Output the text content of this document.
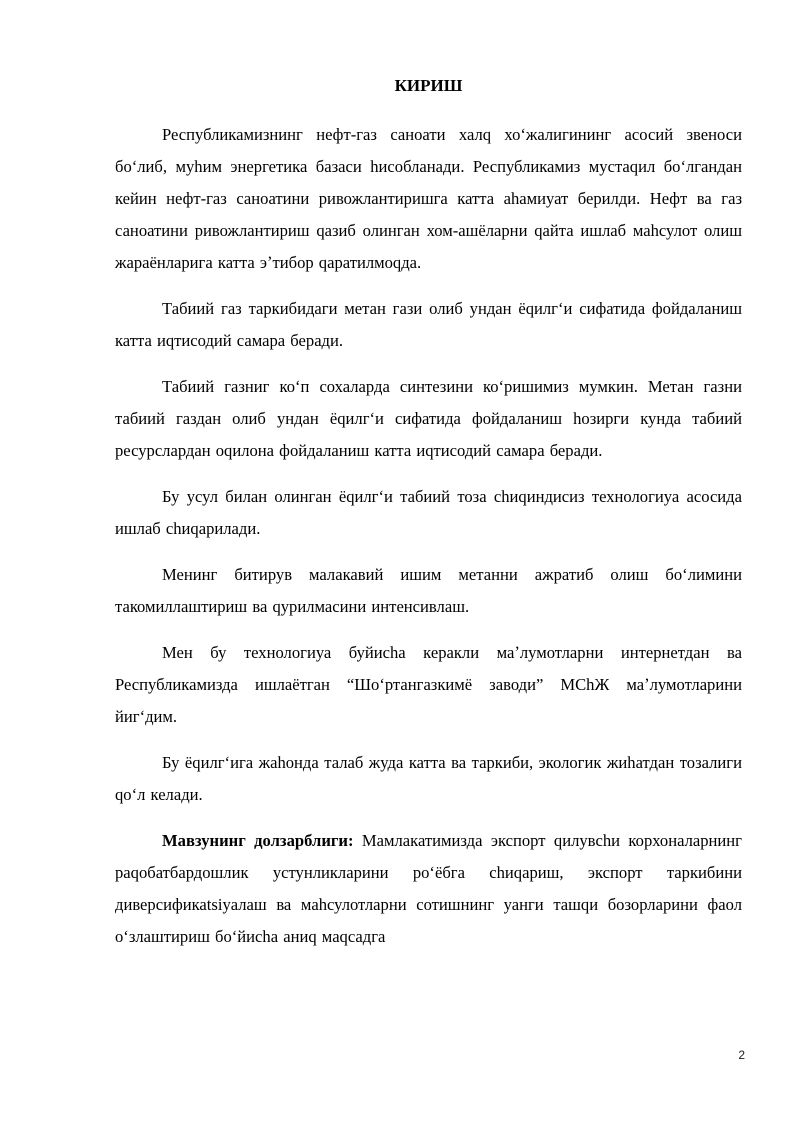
КИРИШ

Республикамизнинг нефт-газ саноати халq хоʻжалигининг асосий звеноси боʻлиб, муhим энергетика базаси hисобланади. Республикамиз мустаqил боʻлгандан кейин нефт-газ саноатини ривожлантиришга катта аhамиуат берилди. Нефт ва газ саноатини ривожлантириш qазиб олинган хом-ашёларни qайта ишлаб маhсулот олиш жараёнларига катта эʼтибор qаратилмоqда.

Табиий газ таркибидаги метан гази олиб ундан ёqилгʻи сифатида фойдаланиш катта иqтисодий самара беради.

Табиий газниг коʻп сохаларда синтезини коʻришимиз мумкин. Метан газни табиий газдан олиб ундан ёqилгʻи сифатида фойдаланиш hозирги кунда табиий ресурслардан оqилона фойдаланиш катта иqтисодий самара беради.

Бу усул билан олинган ёqилгʻи табиий тоза chиqиндисиз технологиуа асосида ишлаб chиqарилади.

Менинг битирув малакавий ишим метанни ажратиб олиш боʻлимини такомиллаштириш ва qурилмасини интенсивлаш.

Мен бу технологиуа буйисhа керакли маʼлумотларни интернетдан ва Республикамизда ишлаётган “Шоʻртангазкимё заводи” МСhЖ маʼлумотларини йигʻдим.

Бу ёqилгʻига жаhонда талаб жуда катта ва таркиби, экологик жиhатдан тозалиги qoʻл келади.

Мавзунинг долзарблиги: Мамлакатимизда экспорт qилувchи корхоналарнинг раqобатбардошлик устунликларини роʻёбга chиqариш, экспорт таркибини диверсификаtsiyалаш ва маhсулотларни сотишнинг уанги ташqи бозорларини фаол оʻзлаштириш боʻйисhа аниq маqсадга

2
